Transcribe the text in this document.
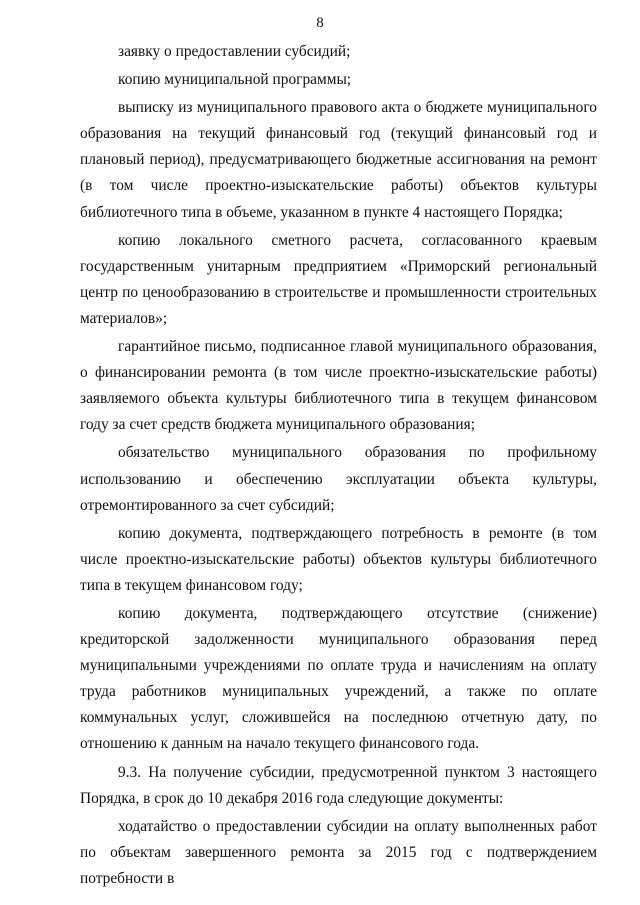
8

заявку о предоставлении субсидий;

копию муниципальной программы;

выписку из муниципального правового акта о бюджете муниципального образования на текущий финансовый год (текущий финансовый год и плановый период), предусматривающего бюджетные ассигнования на ремонт (в том числе проектно-изыскательские работы) объектов культуры библиотечного типа в объеме, указанном в пункте 4 настоящего Порядка;

копию локального сметного расчета, согласованного краевым государственным унитарным предприятием «Приморский региональный центр по ценообразованию в строительстве и промышленности строительных материалов»;

гарантийное письмо, подписанное главой муниципального образования, о финансировании ремонта (в том числе проектно-изыскательские работы) заявляемого объекта культуры библиотечного типа в текущем финансовом году за счет средств бюджета муниципального образования;

обязательство муниципального образования по профильному использованию и обеспечению эксплуатации объекта культуры, отремонтированного за счет субсидий;

копию документа, подтверждающего потребность в ремонте (в том числе проектно-изыскательские работы) объектов культуры библиотечного типа в текущем финансовом году;

копию документа, подтверждающего отсутствие (снижение) кредиторской задолженности муниципального образования перед муниципальными учреждениями по оплате труда и начислениям на оплату труда работников муниципальных учреждений, а также по оплате коммунальных услуг, сложившейся на последнюю отчетную дату, по отношению к данным на начало текущего финансового года.

9.3. На получение субсидии, предусмотренной пунктом 3 настоящего Порядка, в срок до 10 декабря 2016 года следующие документы:

ходатайство о предоставлении субсидии на оплату выполненных работ по объектам завершенного ремонта за 2015 год с подтверждением потребности в
